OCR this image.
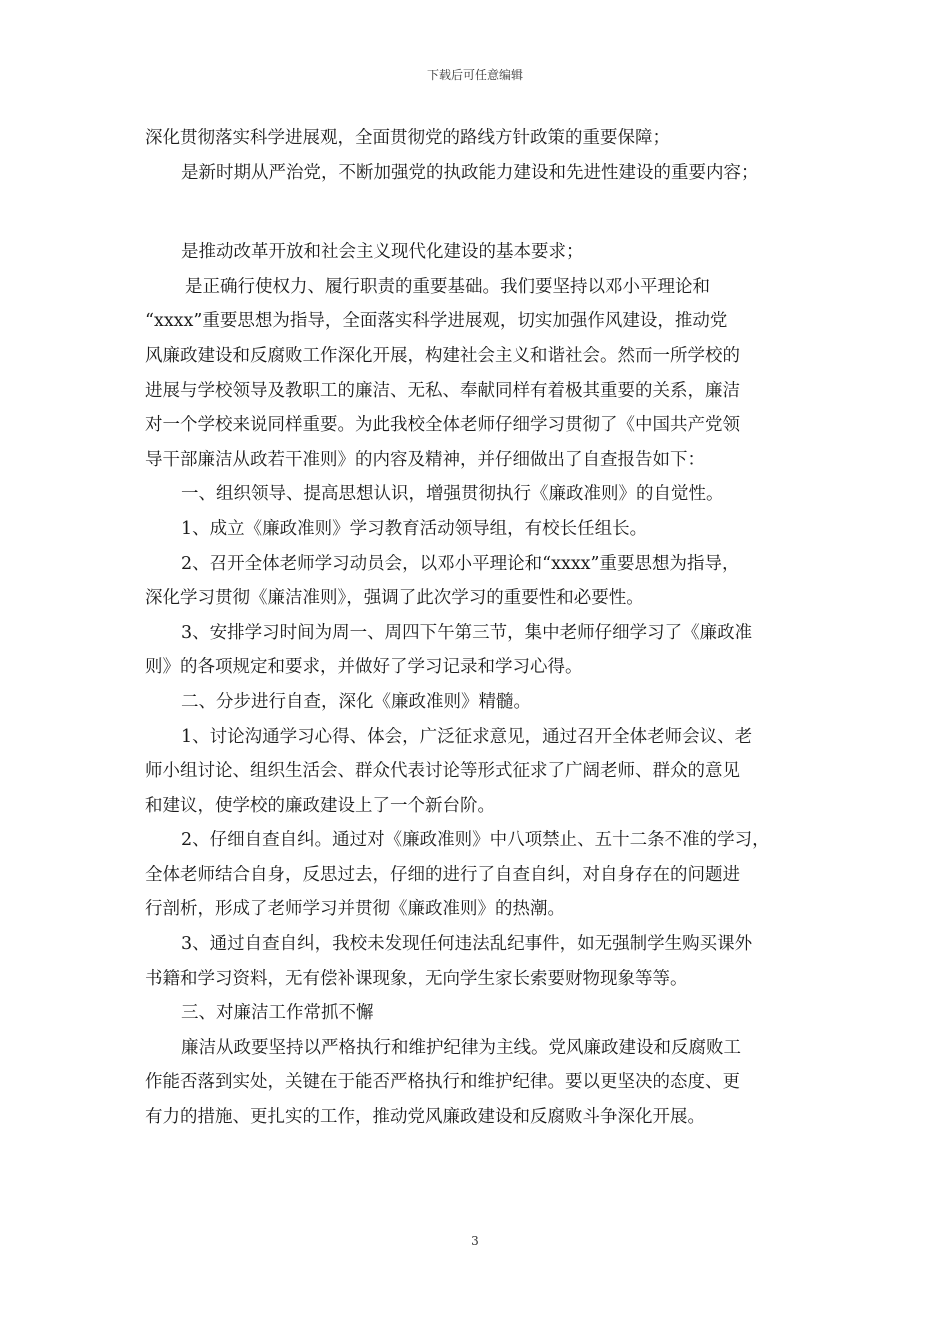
下载后可任意编辑
深化贯彻落实科学进展观，全面贯彻党的路线方针政策的重要保障；
是新时期从严治党，不断加强党的执政能力建设和先进性建设的重要内容；
是推动改革开放和社会主义现代化建设的基本要求；
是正确行使权力、履行职责的重要基础。我们要坚持以邓小平理论和
“xxxx”重要思想为指导，全面落实科学进展观，切实加强作风建设，推动党
风廉政建设和反腐败工作深化开展，构建社会主义和谐社会。然而一所学校的
进展与学校领导及教职工的廉洁、无私、奉献同样有着极其重要的关系，廉洁
对一个学校来说同样重要。为此我校全体老师仔细学习贯彻了《中国共产党领
导干部廉洁从政若干准则》的内容及精神，并仔细做出了自查报告如下：
一、组织领导、提高思想认识，增强贯彻执行《廉政准则》的自觉性。
1、成立《廉政准则》学习教育活动领导组，有校长任组长。
2、召开全体老师学习动员会，以邓小平理论和“xxxx”重要思想为指导，
深化学习贯彻《廉洁准则》，强调了此次学习的重要性和必要性。
3、安排学习时间为周一、周四下午第三节，集中老师仔细学习了《廉政准
则》的各项规定和要求，并做好了学习记录和学习心得。
二、分步进行自查，深化《廉政准则》精髓。
1、讨论沟通学习心得、体会，广泛征求意见，通过召开全体老师会议、老
师小组讨论、组织生活会、群众代表讨论等形式征求了广阔老师、群众的意见
和建议，使学校的廉政建设上了一个新台阶。
2、仔细自查自纠。通过对《廉政准则》中八项禁止、五十二条不准的学习，
全体老师结合自身，反思过去，仔细的进行了自查自纠，对自身存在的问题进
行剖析，形成了老师学习并贯彻《廉政准则》的热潮。
3、通过自查自纠，我校未发现任何违法乱纪事件，如无强制学生购买课外
书籍和学习资料，无有偿补课现象，无向学生家长索要财物现象等等。
三、对廉洁工作常抓不懈
廉洁从政要坚持以严格执行和维护纪律为主线。党风廉政建设和反腐败工
作能否落到实处，关键在于能否严格执行和维护纪律。要以更坚决的态度、更
有力的措施、更扎实的工作，推动党风廉政建设和反腐败斗争深化开展。
3
